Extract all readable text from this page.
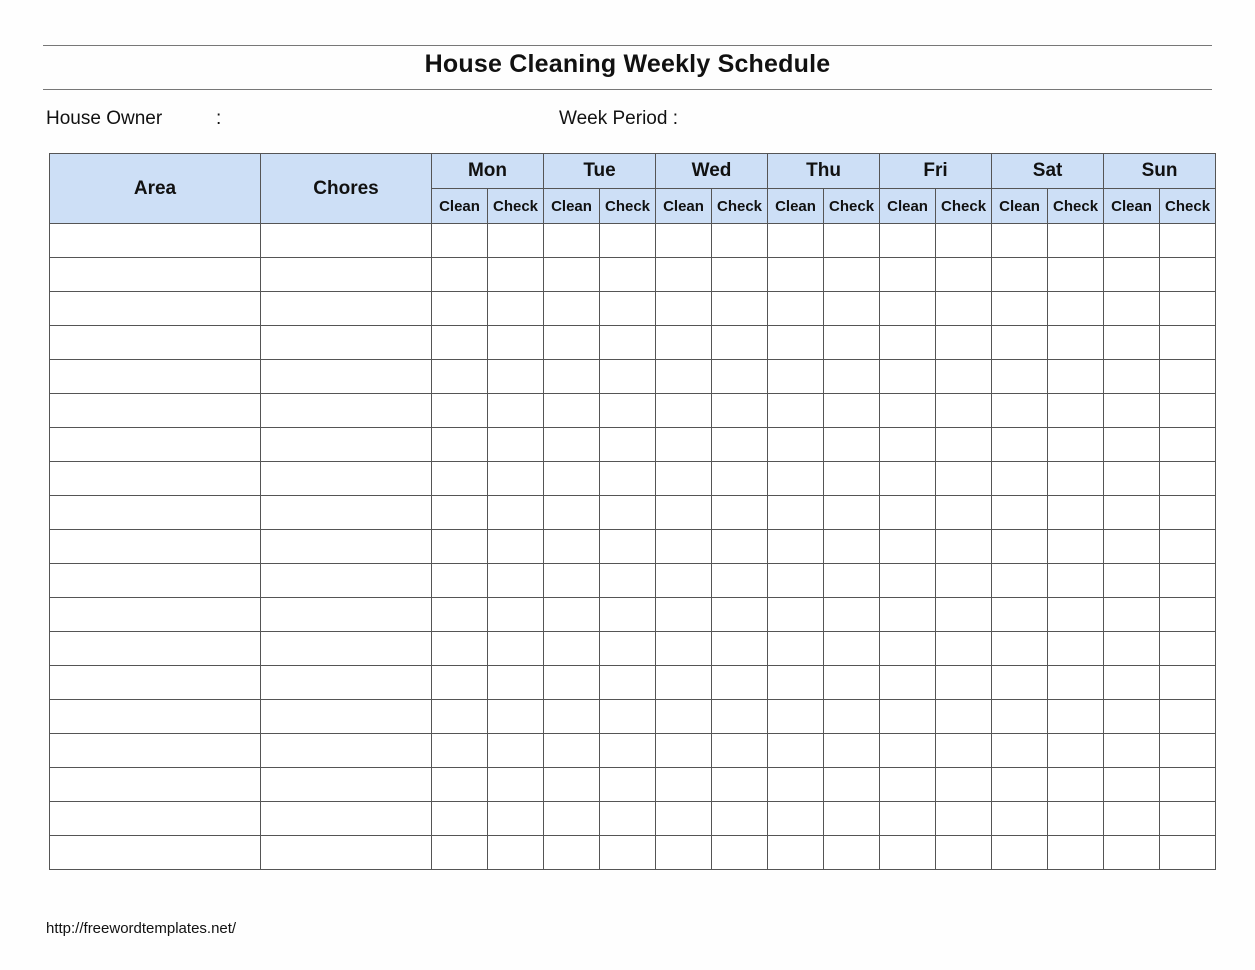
House Cleaning Weekly Schedule
House Owner	:	Week Period :
Area	Chores	Mon		Tue		Wed		Thu		Fri		Sat		Sun	
		Clean	Check	Clean	Check	Clean	Check	Clean	Check	Clean	Check	Clean	Check	Clean	Check

http://freewordtemplates.net/
